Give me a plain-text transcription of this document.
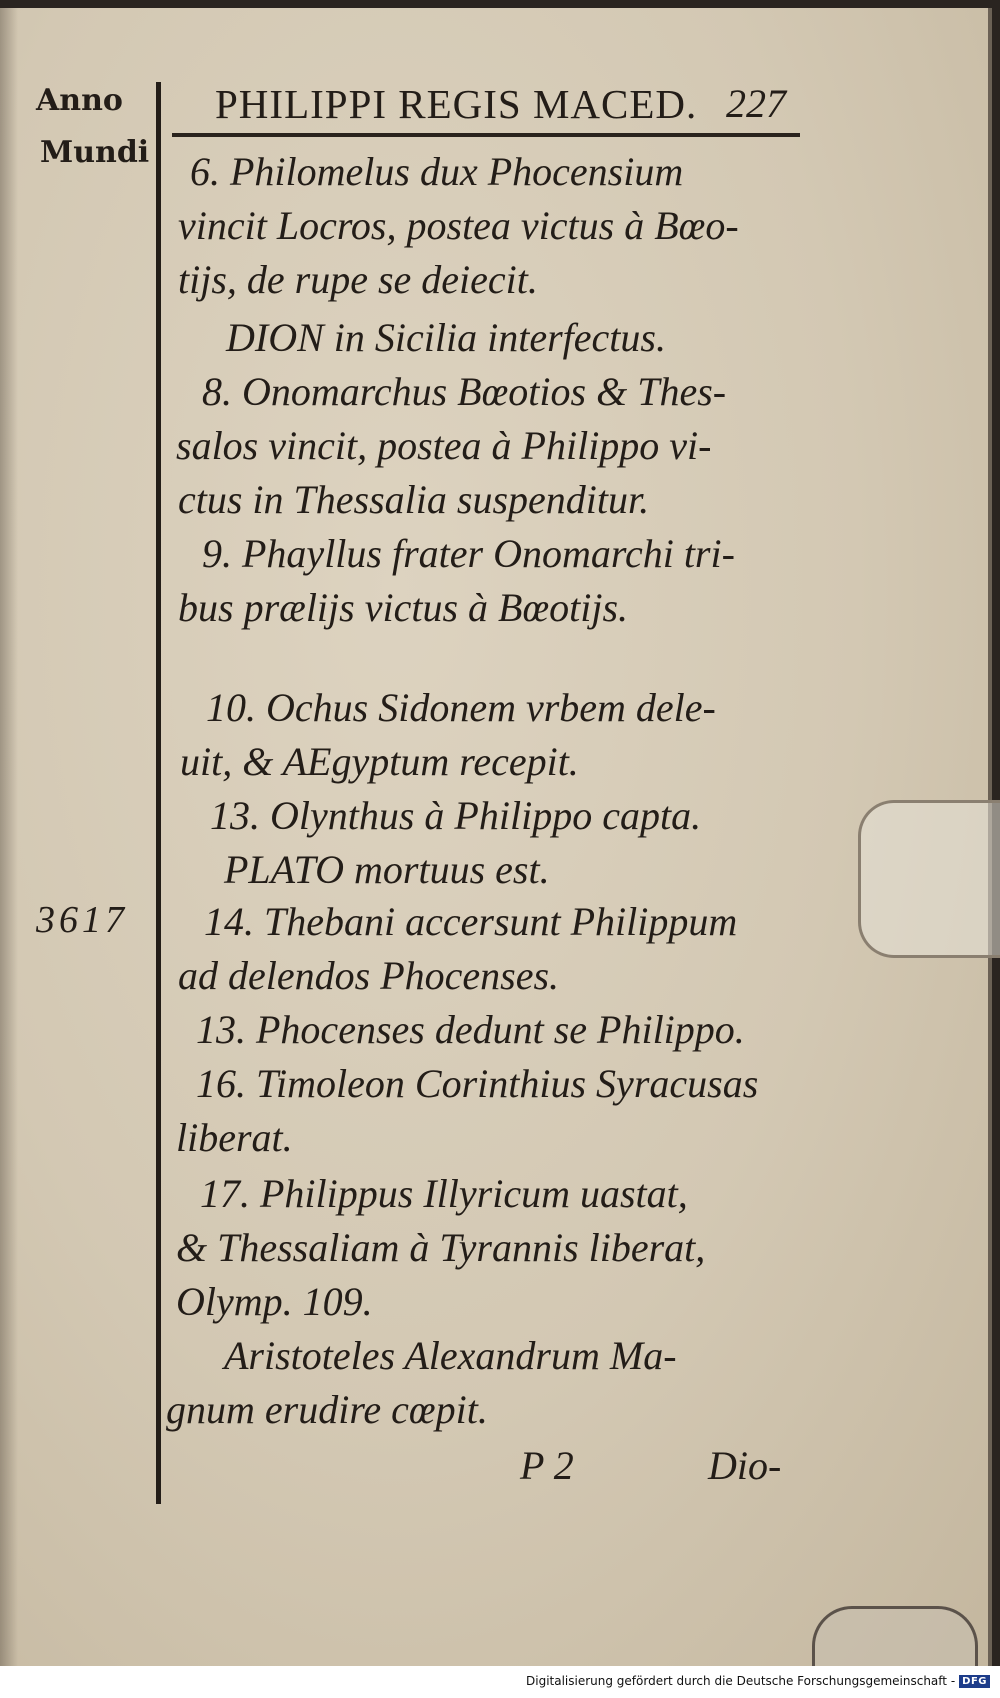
Anno
Mundi
PHILIPPI REGIS MACED. 227
6. Philomelus dux Phocensium
vincit Locros, postea victus à Bœo-
tijs, de rupe se deiecit.
DION in Sicilia interfectus.
8. Onomarchus Bœotios & Thes-
salos vincit, postea à Philippo vi-
ctus in Thessalia suspenditur.
9. Phayllus frater Onomarchi tri-
bus prælijs victus à Bœotijs.
10. Ochus Sidonem vrbem dele-
uit, & AEgyptum recepit.
13. Olynthus à Philippo capta.
PLATO mortuus est.
3617 14. Thebani accersunt Philippum
ad delendos Phocenses.
13. Phocenses dedunt se Philippo.
16. Timoleon Corinthius Syracusas
liberat.
17. Philippus Illyricum uastat,
& Thessaliam à Tyrannis liberat,
Olymp. 109.
Aristoteles Alexandrum Ma-
gnum erudire cœpit.
P 2	Dio-
Digitalisierung gefördert durch die Deutsche Forschungsgemeinschaft - DFG
